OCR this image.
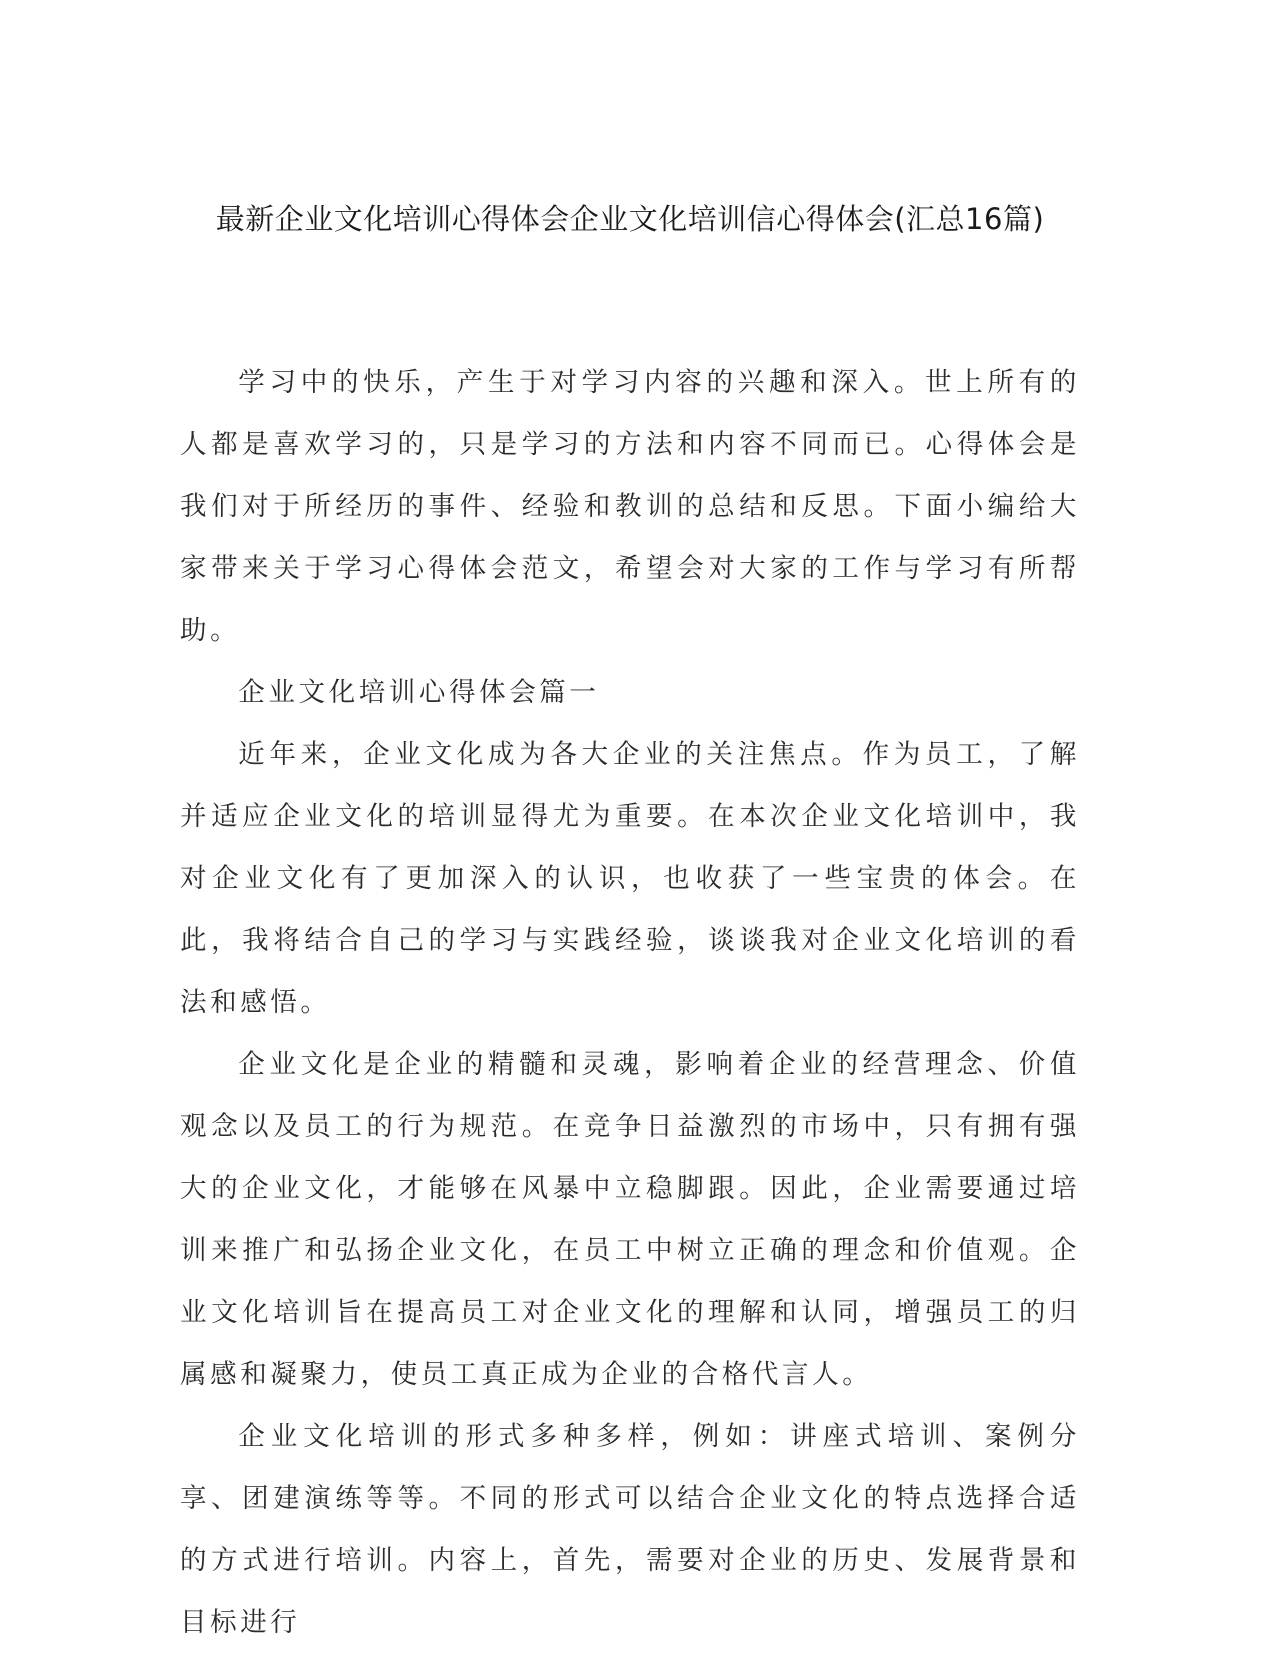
最新企业文化培训心得体会企业文化培训信心得体会(汇总16篇)

学习中的快乐，产生于对学习内容的兴趣和深入。世上所有的人都是喜欢学习的，只是学习的方法和内容不同而已。心得体会是我们对于所经历的事件、经验和教训的总结和反思。下面小编给大家带来关于学习心得体会范文，希望会对大家的工作与学习有所帮助。

企业文化培训心得体会篇一

近年来，企业文化成为各大企业的关注焦点。作为员工，了解并适应企业文化的培训显得尤为重要。在本次企业文化培训中，我对企业文化有了更加深入的认识，也收获了一些宝贵的体会。在此，我将结合自己的学习与实践经验，谈谈我对企业文化培训的看法和感悟。

企业文化是企业的精髓和灵魂，影响着企业的经营理念、价值观念以及员工的行为规范。在竞争日益激烈的市场中，只有拥有强大的企业文化，才能够在风暴中立稳脚跟。因此，企业需要通过培训来推广和弘扬企业文化，在员工中树立正确的理念和价值观。企业文化培训旨在提高员工对企业文化的理解和认同，增强员工的归属感和凝聚力，使员工真正成为企业的合格代言人。

企业文化培训的形式多种多样，例如：讲座式培训、案例分享、团建演练等等。不同的形式可以结合企业文化的特点选择合适的方式进行培训。内容上，首先，需要对企业的历史、发展背景和目标进行
